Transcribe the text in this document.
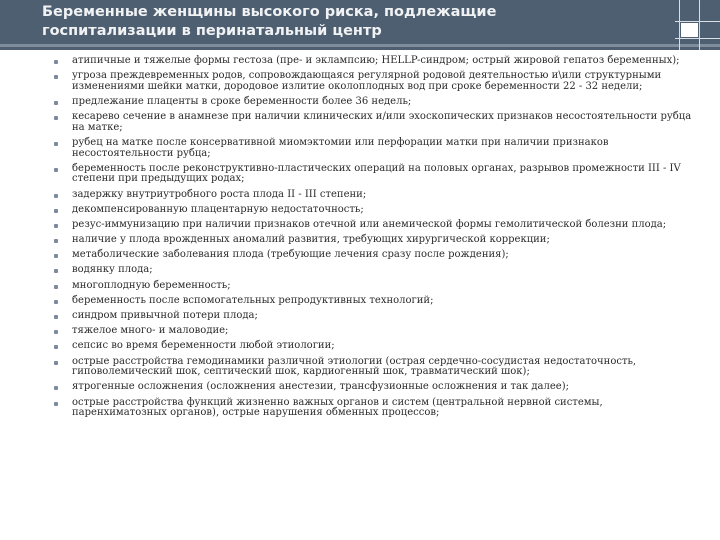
Беременные женщины высокого риска, подлежащие госпитализации в перинатальный центр
атипичные и тяжелые формы гестоза (пре- и эклампсию; HELLP-синдром; острый жировой гепатоз беременных);
угроза преждевременных родов, сопровождающаяся регулярной родовой деятельностью и\или структурными изменениями шейки матки, дородовое излитие околоплодных вод при сроке беременности 22 - 32 недели;
предлежание плаценты в сроке беременности более 36 недель;
кесарево сечение в анамнезе при наличии клинических и/или эхоскопических признаков несостоятельности рубца на матке;
рубец на матке после консервативной миомэктомии или перфорации матки при наличии признаков несостоятельности рубца;
беременность после реконструктивно-пластических операций на половых органах, разрывов промежности III - IV степени при предыдущих родах;
задержку внутриутробного роста плода II - III степени;
декомпенсированную плацентарную недостаточность;
резус-иммунизацию при наличии признаков отечной или анемической формы гемолитической болезни плода;
наличие у плода врожденных аномалий развития, требующих хирургической коррекции;
метаболические заболевания плода (требующие лечения сразу после рождения);
водянку плода;
многоплодную беременность;
беременность после вспомогательных репродуктивных технологий;
синдром привычной потери плода;
тяжелое много- и маловодие;
сепсис во время беременности любой этиологии;
острые расстройства гемодинамики различной этиологии (острая сердечно-сосудистая недостаточность, гиповолемический шок, септический шок, кардиогенный шок, травматический шок);
ятрогенные осложнения (осложнения анестезии, трансфузионные осложнения и так далее);
острые расстройства функций жизненно важных органов и систем (центральной нервной системы, паренхиматозных органов), острые нарушения обменных процессов;
